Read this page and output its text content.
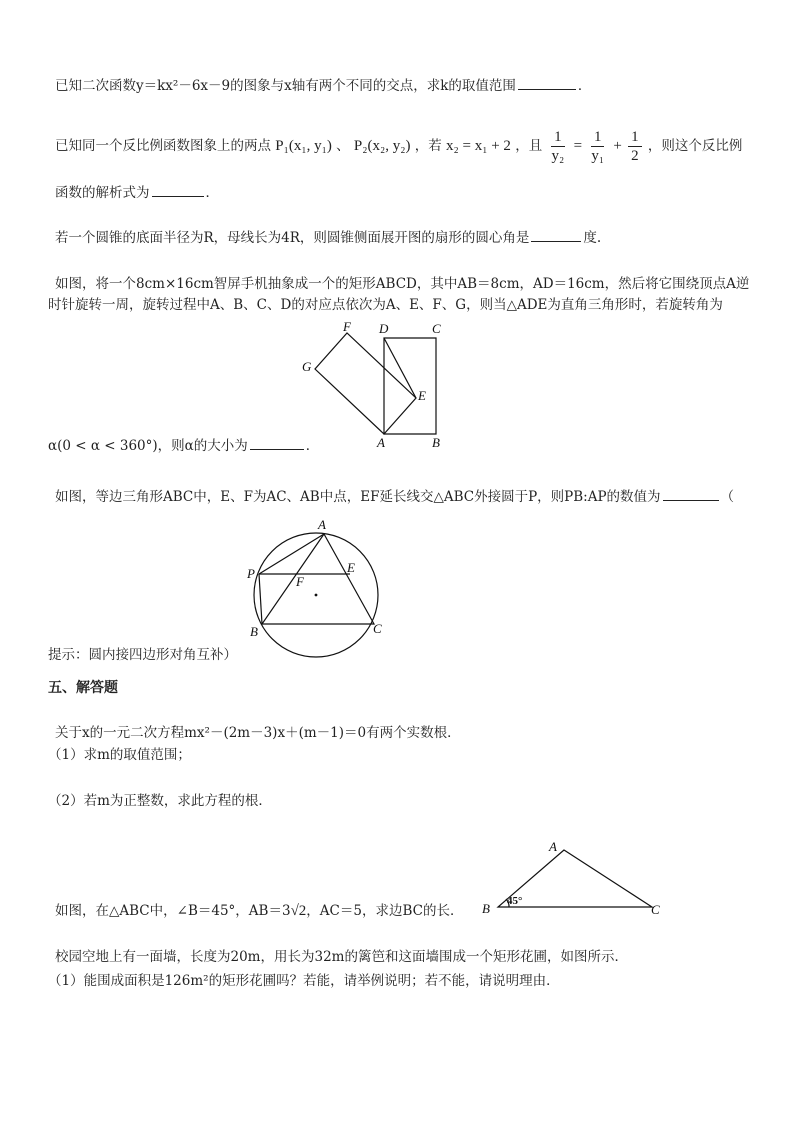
已知二次函数y＝kx²－6x－9的图象与x轴有两个不同的交点，求k的取值范围	．
已知同一个反比例函数图象上的两点 P₁(x₁, y₁) 、 P₂(x₂, y₂) ，若 x₂ = x₁ + 2 ，且 $\frac{1}{\text{y₂}} = \frac{1}{\text{y₁}} + \frac{1}{2}$ ，则这个反比例
函数的解析式为	．
若一个圆锥的底面半径为R，母线长为4R，则圆锥侧面展开图的扇形的圆心角是	度.
如图，将一个8cm×16cm智屏手机抽象成一个的矩形ABCD，其中AB＝8cm，AD＝16cm，然后将它围绕顶点A逆
时针旋转一周，旋转过程中A、B、C、D的对应点依次为A、E、F、G，则当△ADE为直角三角形时，若旋转角为
F D	C
G
E
A	B
α(0 < α < 360°)，则α的大小为	．
如图，等边三角形ABC中，E、F为AC、AB中点，EF延长线交△ABC外接圆于P，则PB:AP的数值为	（
A
P
F
E
B	C
提示：圆内接四边形对角互补）
五、解答题
关于x的一元二次方程mx²－(2m－3)x＋(m－1)＝0有两个实数根．
（1）求m的取值范围；
（2）若m为正整数，求此方程的根．
A
B 45°
C
如图，在△ABC中，∠B＝45°，AB＝3√2，AC＝5，求边BC的长．
校园空地上有一面墙，长度为20m，用长为32m的篱笆和这面墙围成一个矩形花圃，如图所示．
（1）能围成面积是126m²的矩形花圃吗？若能，请举例说明；若不能，请说明理由．
